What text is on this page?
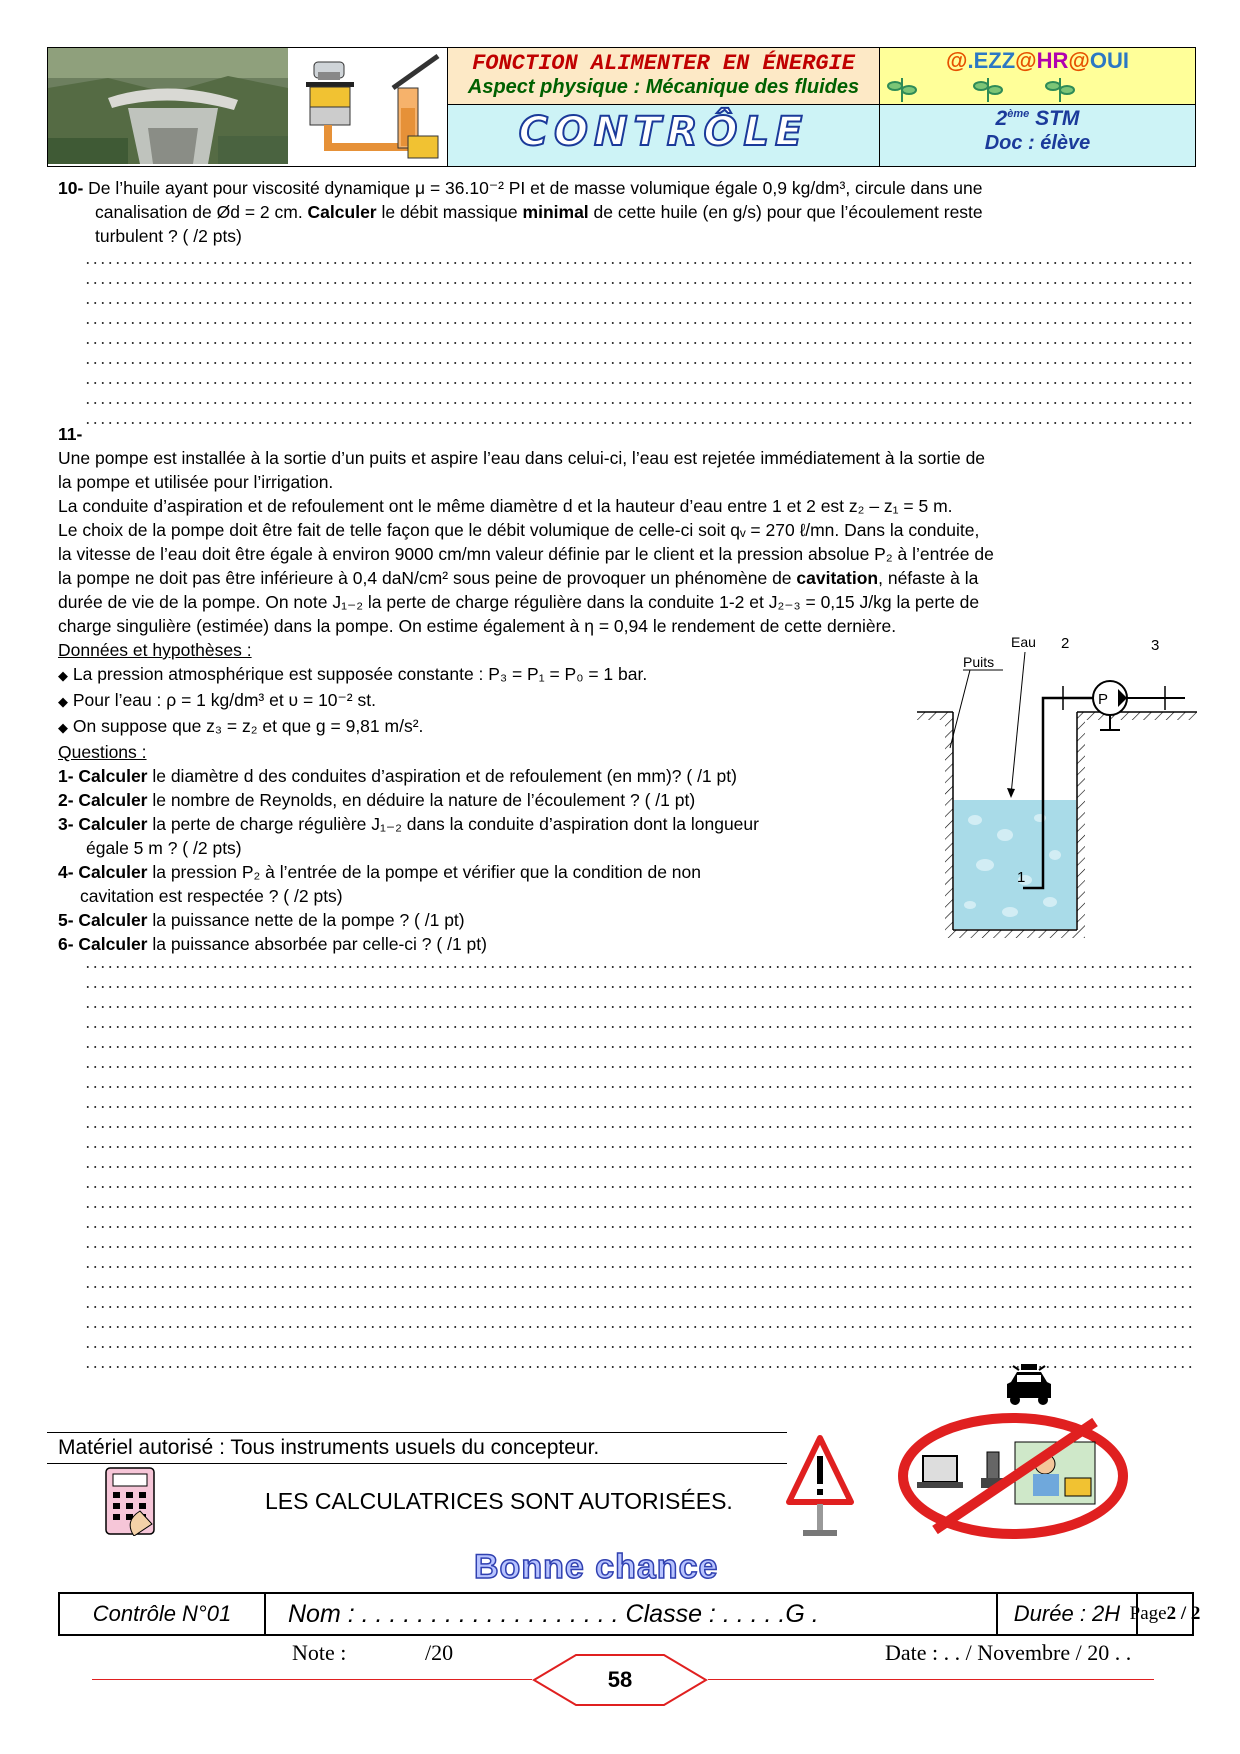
FONCTION ALIMENTER EN ÉNERGIE
Aspect physique : Mécanique des fluides
CONTRÔLE
@.EZZ@HR@OUI
2ème STM
Doc : élève
10- De l’huile ayant pour viscosité dynamique μ = 36.10⁻² PI et de masse volumique égale 0,9 kg/dm³, circule dans une
canalisation de Ød = 2 cm. Calculer le débit massique minimal de cette huile (en g/s) pour que l’écoulement reste
turbulent ? ( /2 pts)
11-
Une pompe est installée à la sortie d’un puits et aspire l’eau dans celui-ci, l’eau est rejetée immédiatement à la sortie de
la pompe et utilisée pour l’irrigation.
La conduite d’aspiration et de refoulement ont le même diamètre d et la hauteur d’eau entre 1 et 2 est z₂ – z₁ = 5 m.
Le choix de la pompe doit être fait de telle façon que le débit volumique de celle-ci soit qᵥ = 270 ℓ/mn. Dans la conduite,
la vitesse de l’eau doit être égale à environ 9000 cm/mn valeur définie par le client et la pression absolue P₂ à l’entrée de
la pompe ne doit pas être inférieure à 0,4 daN/cm² sous peine de provoquer un phénomène de cavitation, néfaste à la
durée de vie de la pompe. On note J₁₋₂ la perte de charge régulière dans la conduite 1-2 et J₂₋₃ = 0,15 J/kg la perte de
charge singulière (estimée) dans la pompe. On estime également à η = 0,94 le rendement de cette dernière.
Données et hypothèses :
◆ La pression atmosphérique est supposée constante : P₃ = P₁ = P₀ = 1 bar.
◆ Pour l’eau : ρ = 1 kg/dm³ et υ = 10⁻² st.
◆ On suppose que z₃ = z₂ et que g = 9,81 m/s².
Questions :
1- Calculer le diamètre d des conduites d’aspiration et de refoulement (en mm)? ( /1 pt)
2- Calculer le nombre de Reynolds, en déduire la nature de l’écoulement ? ( /1 pt)
3- Calculer la perte de charge régulière J₁₋₂ dans la conduite d’aspiration dont la longueur
égale 5 m ? ( /2 pts)
4- Calculer la pression P₂ à l’entrée de la pompe et vérifier que la condition de non
cavitation est respectée ? ( /2 pts)
5- Calculer la puissance nette de la pompe ? ( /1 pt)
6- Calculer la puissance absorbée par celle-ci ? ( /1 pt)
P
2	3
1
Puits
Eau
Matériel autorisé : Tous instruments usuels du concepteur.
LES CALCULATRICES SONT AUTORISÉES.
Bonne chance
Contrôle N°01 Nom : . . . . . . . . . . . . . . . . . . . Classe : . . . . .G .	Durée : 2H Page 2 / 2
Note :	/20	Date : . . / Novembre / 20 . .
58
